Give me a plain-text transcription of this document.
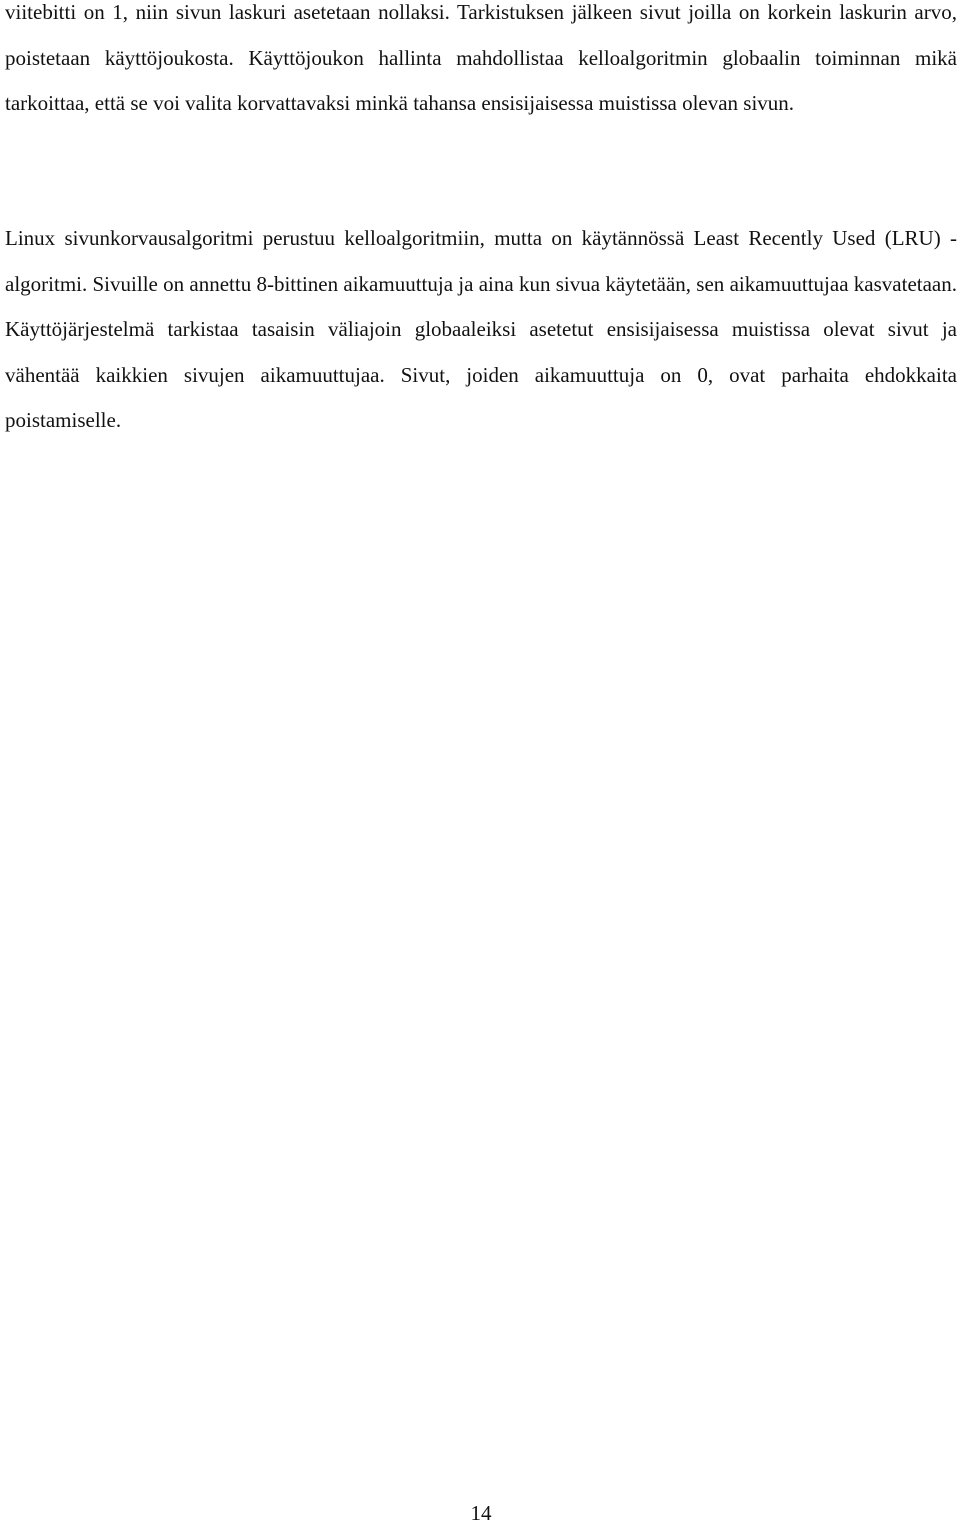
viitebitti on 1, niin sivun laskuri asetetaan nollaksi. Tarkistuksen jälkeen sivut joilla on korkein laskurin arvo, poistetaan käyttöjoukosta. Käyttöjoukon hallinta mahdollistaa kelloalgoritmin globaalin toiminnan mikä tarkoittaa, että se voi valita korvattavaksi minkä tahansa ensisijaisessa muistissa olevan sivun.

Linux sivunkorvausalgoritmi perustuu kelloalgoritmiin, mutta on käytännössä Least Recently Used (LRU) -algoritmi. Sivuille on annettu 8-bittinen aikamuuttuja ja aina kun sivua käytetään, sen aikamuuttujaa kasvatetaan. Käyttöjärjestelmä tarkistaa tasaisin väliajoin globaaleiksi asetetut ensisijaisessa muistissa olevat sivut ja vähentää kaikkien sivujen aikamuuttujaa. Sivut, joiden aikamuuttuja on 0, ovat parhaita ehdokkaita poistamiselle.

14
